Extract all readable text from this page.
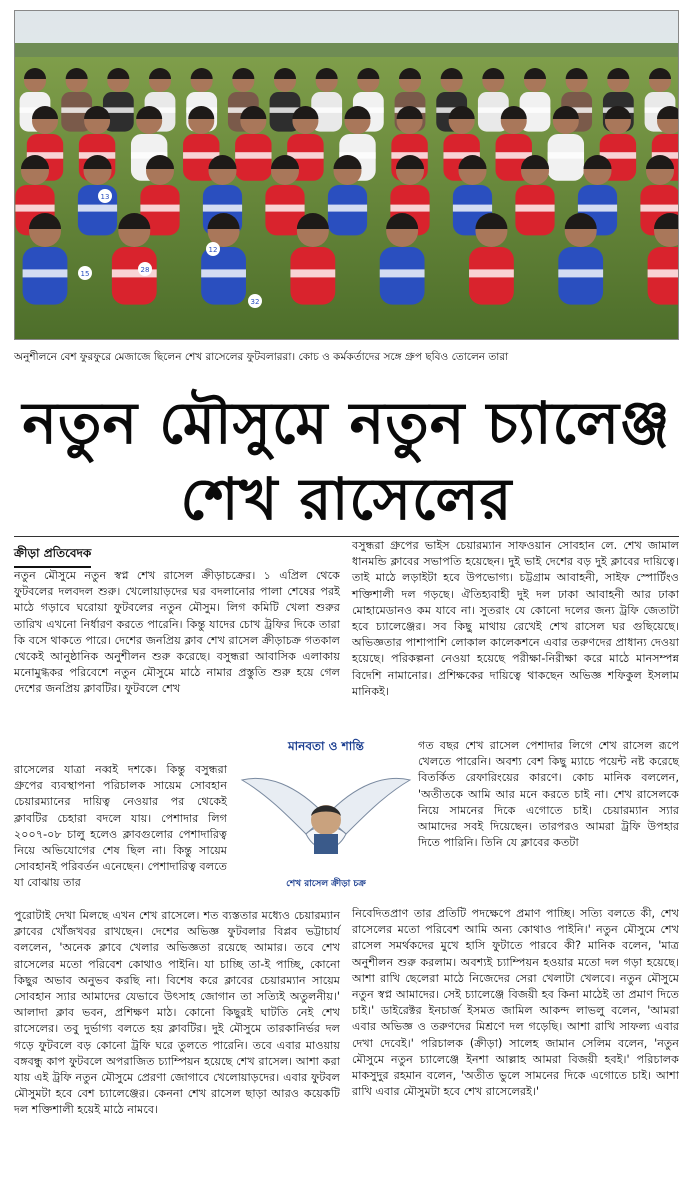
13
15	28
12
32
অনুশীলনে বেশ ফুরফুরে মেজাজে ছিলেন শেখ রাসেলের ফুটবলাররা। কোচ ও কর্মকর্তাদের সঙ্গে গ্রুপ ছবিও তোলেন তারা
নতুন মৌসুমে নতুন চ্যালেঞ্জ
শেখ রাসেলের
ক্রীড়া প্রতিবেদক

নতুন মৌসুমে নতুন স্বপ্ন শেখ রাসেল ক্রীড়াচক্রের। ১ এপ্রিল থেকে ফুটবলের দলবদল শুরু। খেলোয়াড়দের ঘর বদলানোর পালা শেষের পরই মাঠে গড়াবে ঘরোয়া ফুটবলের নতুন মৌসুম। লিগ কমিটি খেলা শুরুর তারিখ এখনো নির্ধারণ করতে পারেনি। কিন্তু যাদের চোখ ট্রফির দিকে তারা কি বসে থাকতে পারে। দেশের জনপ্রিয় ক্লাব শেখ রাসেল ক্রীড়াচক্র গতকাল থেকেই আনুষ্ঠানিক অনুশীলন শুরু করেছে। বসুন্ধরা আবাসিক এলাকায় মনোমুগ্ধকর পরিবেশে নতুন মৌসুমে মাঠে নামার প্রস্তুতি শুরু হয়ে গেল দেশের জনপ্রিয় ক্লাবটির। ফুটবলে শেখ

রাসেলের যাত্রা নব্বই দশকে। কিন্তু বসুন্ধরা গ্রুপের ব্যবস্থাপনা পরিচালক সায়েম সোবহান চেয়ারম্যানের দায়িত্ব নেওয়ার পর থেকেই ক্লাবটির চেহারা বদলে যায়। পেশাদার লিগ ২০০৭-০৮ চালু হলেও ক্লাবগুলোর পেশাদারিত্ব নিয়ে অভিযোগের শেষ ছিল না। কিন্তু সায়েম সোবহানই পরিবর্তন এনেছেন। পেশাদারিত্ব বলতে যা বোঝায় তার

পুরোটাই দেখা মিলছে এখন শেখ রাসেলে। শত ব্যস্ততার মধ্যেও চেয়ারম্যান ক্লাবের খোঁজখবর রাখছেন। দেশের অভিজ্ঞ ফুটবলার বিপ্লব ভট্টাচার্য বললেন, 'অনেক ক্লাবে খেলার অভিজ্ঞতা রয়েছে আমার। তবে শেখ রাসেলের মতো পরিবেশ কোথাও পাইনি। যা চাচ্ছি তা-ই পাচ্ছি, কোনো কিছুর অভাব অনুভব করছি না। বিশেষ করে ক্লাবের চেয়ারম্যান সায়েম সোবহান স্যার আমাদের যেভাবে উৎসাহ জোগান তা সত্যিই অতুলনীয়।' আলাদা ক্লাব ভবন, প্রশিক্ষণ মাঠ। কোনো কিছুরই ঘাটতি নেই শেখ রাসেলের। তবু দুর্ভাগ্য বলতে হয় ক্লাবটির। দুই মৌসুমে তারকানির্ভর দল গড়ে ফুটবলে বড় কোনো ট্রফি ঘরে তুলতে পারেনি। তবে এবার মাওয়ায় বঙ্গবন্ধু কাপ ফুটবলে অপরাজিত চ্যাম্পিয়ন হয়েছে শেখ রাসেল। আশা করা যায় এই ট্রফি নতুন মৌসুমে প্রেরণা জোগাবে খেলোয়াড়দের। এবার ফুটবল মৌসুমটা হবে বেশ চ্যালেঞ্জের। কেননা শেখ রাসেল ছাড়া আরও কয়েকটি দল শক্তিশালী হয়েই মাঠে নামবে।

মানবতা ও শান্তি
শেখ রাসেল ক্রীড়া চক্র

বসুন্ধরা গ্রুপের ভাইস চেয়ারম্যান সাফওয়ান সোবহান লে. শেখ জামাল ধানমন্ডি ক্লাবের সভাপতি হয়েছেন। দুই ভাই দেশের বড় দুই ক্লাবের দায়িত্বে। তাই মাঠে লড়াইটা হবে উপভোগ্য। চট্টগ্রাম আবাহনী, সাইফ স্পোর্টিংও শক্তিশালী দল গড়ছে। ঐতিহ্যবাহী দুই দল ঢাকা আবাহনী আর ঢাকা মোহামেডানও কম যাবে না। সুতরাং যে কোনো দলের জন্য ট্রফি জেতাটা হবে চ্যালেঞ্জের। সব কিছু মাথায় রেখেই শেখ রাসেল ঘর গুছিয়েছে। অভিজ্ঞতার পাশাপাশি লোকাল কালেকশনে এবার তরুণদের প্রাধান্য দেওয়া হয়েছে। পরিকল্পনা নেওয়া হয়েছে পরীক্ষা-নিরীক্ষা করে মাঠে মানসম্পন্ন বিদেশি নামানোর। প্রশিক্ষকের দায়িত্বে থাকছেন অভিজ্ঞ শফিকুল ইসলাম মানিকই।

গত বছর শেখ রাসেল পেশাদার লিগে শেখ রাসেল রূপে খেলতে পারেনি। অবশ্য বেশ কিছু ম্যাচে পয়েন্ট নষ্ট করেছে বিতর্কিত রেফারিংয়ের কারণে। কোচ মানিক বললেন, 'অতীতকে আমি আর মনে করতে চাই না। শেখ রাসেলকে নিয়ে সামনের দিকে এগোতে চাই। চেয়ারম্যান স্যার আমাদের সবই দিয়েছেন। তারপরও আমরা ট্রফি উপহার দিতে পারিনি। তিনি যে ক্লাবের কতটা

নিবেদিতপ্রাণ তার প্রতিটি পদক্ষেপে প্রমাণ পাচ্ছি। সত্যি বলতে কী, শেখ রাসেলের মতো পরিবেশ আমি অন্য কোথাও পাইনি।' নতুন মৌসুমে শেখ রাসেল সমর্থকদের মুখে হাসি ফুটাতে পারবে কী? মানিক বলেন, 'মাত্র অনুশীলন শুরু করলাম। অবশ্যই চ্যাম্পিয়ন হওয়ার মতো দল গড়া হয়েছে। আশা রাখি ছেলেরা মাঠে নিজেদের সেরা খেলাটা খেলবে। নতুন মৌসুমে নতুন স্বপ্ন আমাদের। সেই চ্যালেঞ্জে বিজয়ী হব কিনা মাঠেই তা প্রমাণ দিতে চাই।' ডাইরেক্টর ইনচার্জ ইসমত জামিল আকন্দ লাভলু বলেন, 'আমরা এবার অভিজ্ঞ ও তরুণদের মিশ্রণে দল গড়েছি। আশা রাখি সাফল্য এবার দেখা দেবেই।' পরিচালক (ক্রীড়া) সালেহ জামান সেলিম বলেন, 'নতুন মৌসুমে নতুন চ্যালেঞ্জে ইনশা আল্লাহ আমরা বিজয়ী হবই।' পরিচালক মাকসুদুর রহমান বলেন, 'অতীত ভুলে সামনের দিকে এগোতে চাই। আশা রাখি এবার মৌসুমটা হবে শেখ রাসেলেরই।'
